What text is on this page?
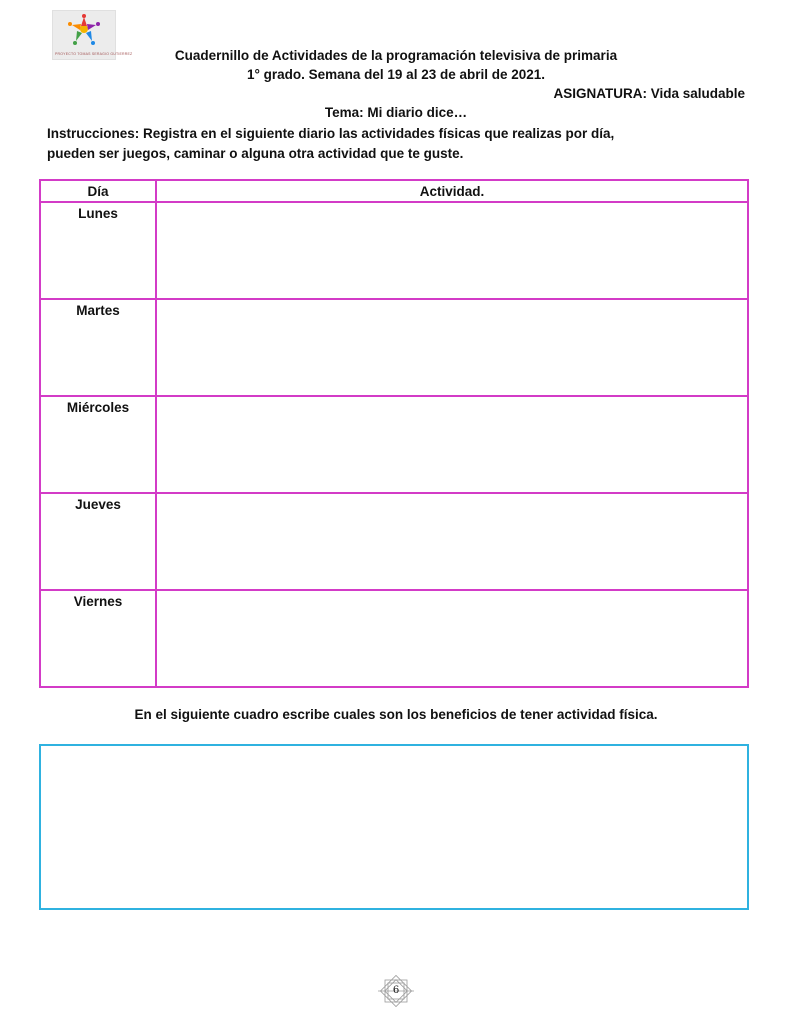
PROYECTO TOMAS SERAGIO GUTIERREZ	Cuadernillo de Actividades de la programación televisiva de primaria
1° grado. Semana del 19 al 23 de abril de 2021.
ASIGNATURA: Vida saludable
Tema: Mi diario dice…
Instrucciones: Registra en el siguiente diario las actividades físicas que realizas por día,
pueden ser juegos, caminar o alguna otra actividad que te guste.
Día	Actividad.
Lunes	
Martes	
Miércoles	
Jueves	
Viernes	
En el siguiente cuadro escribe cuales son los beneficios de tener actividad física.
6
